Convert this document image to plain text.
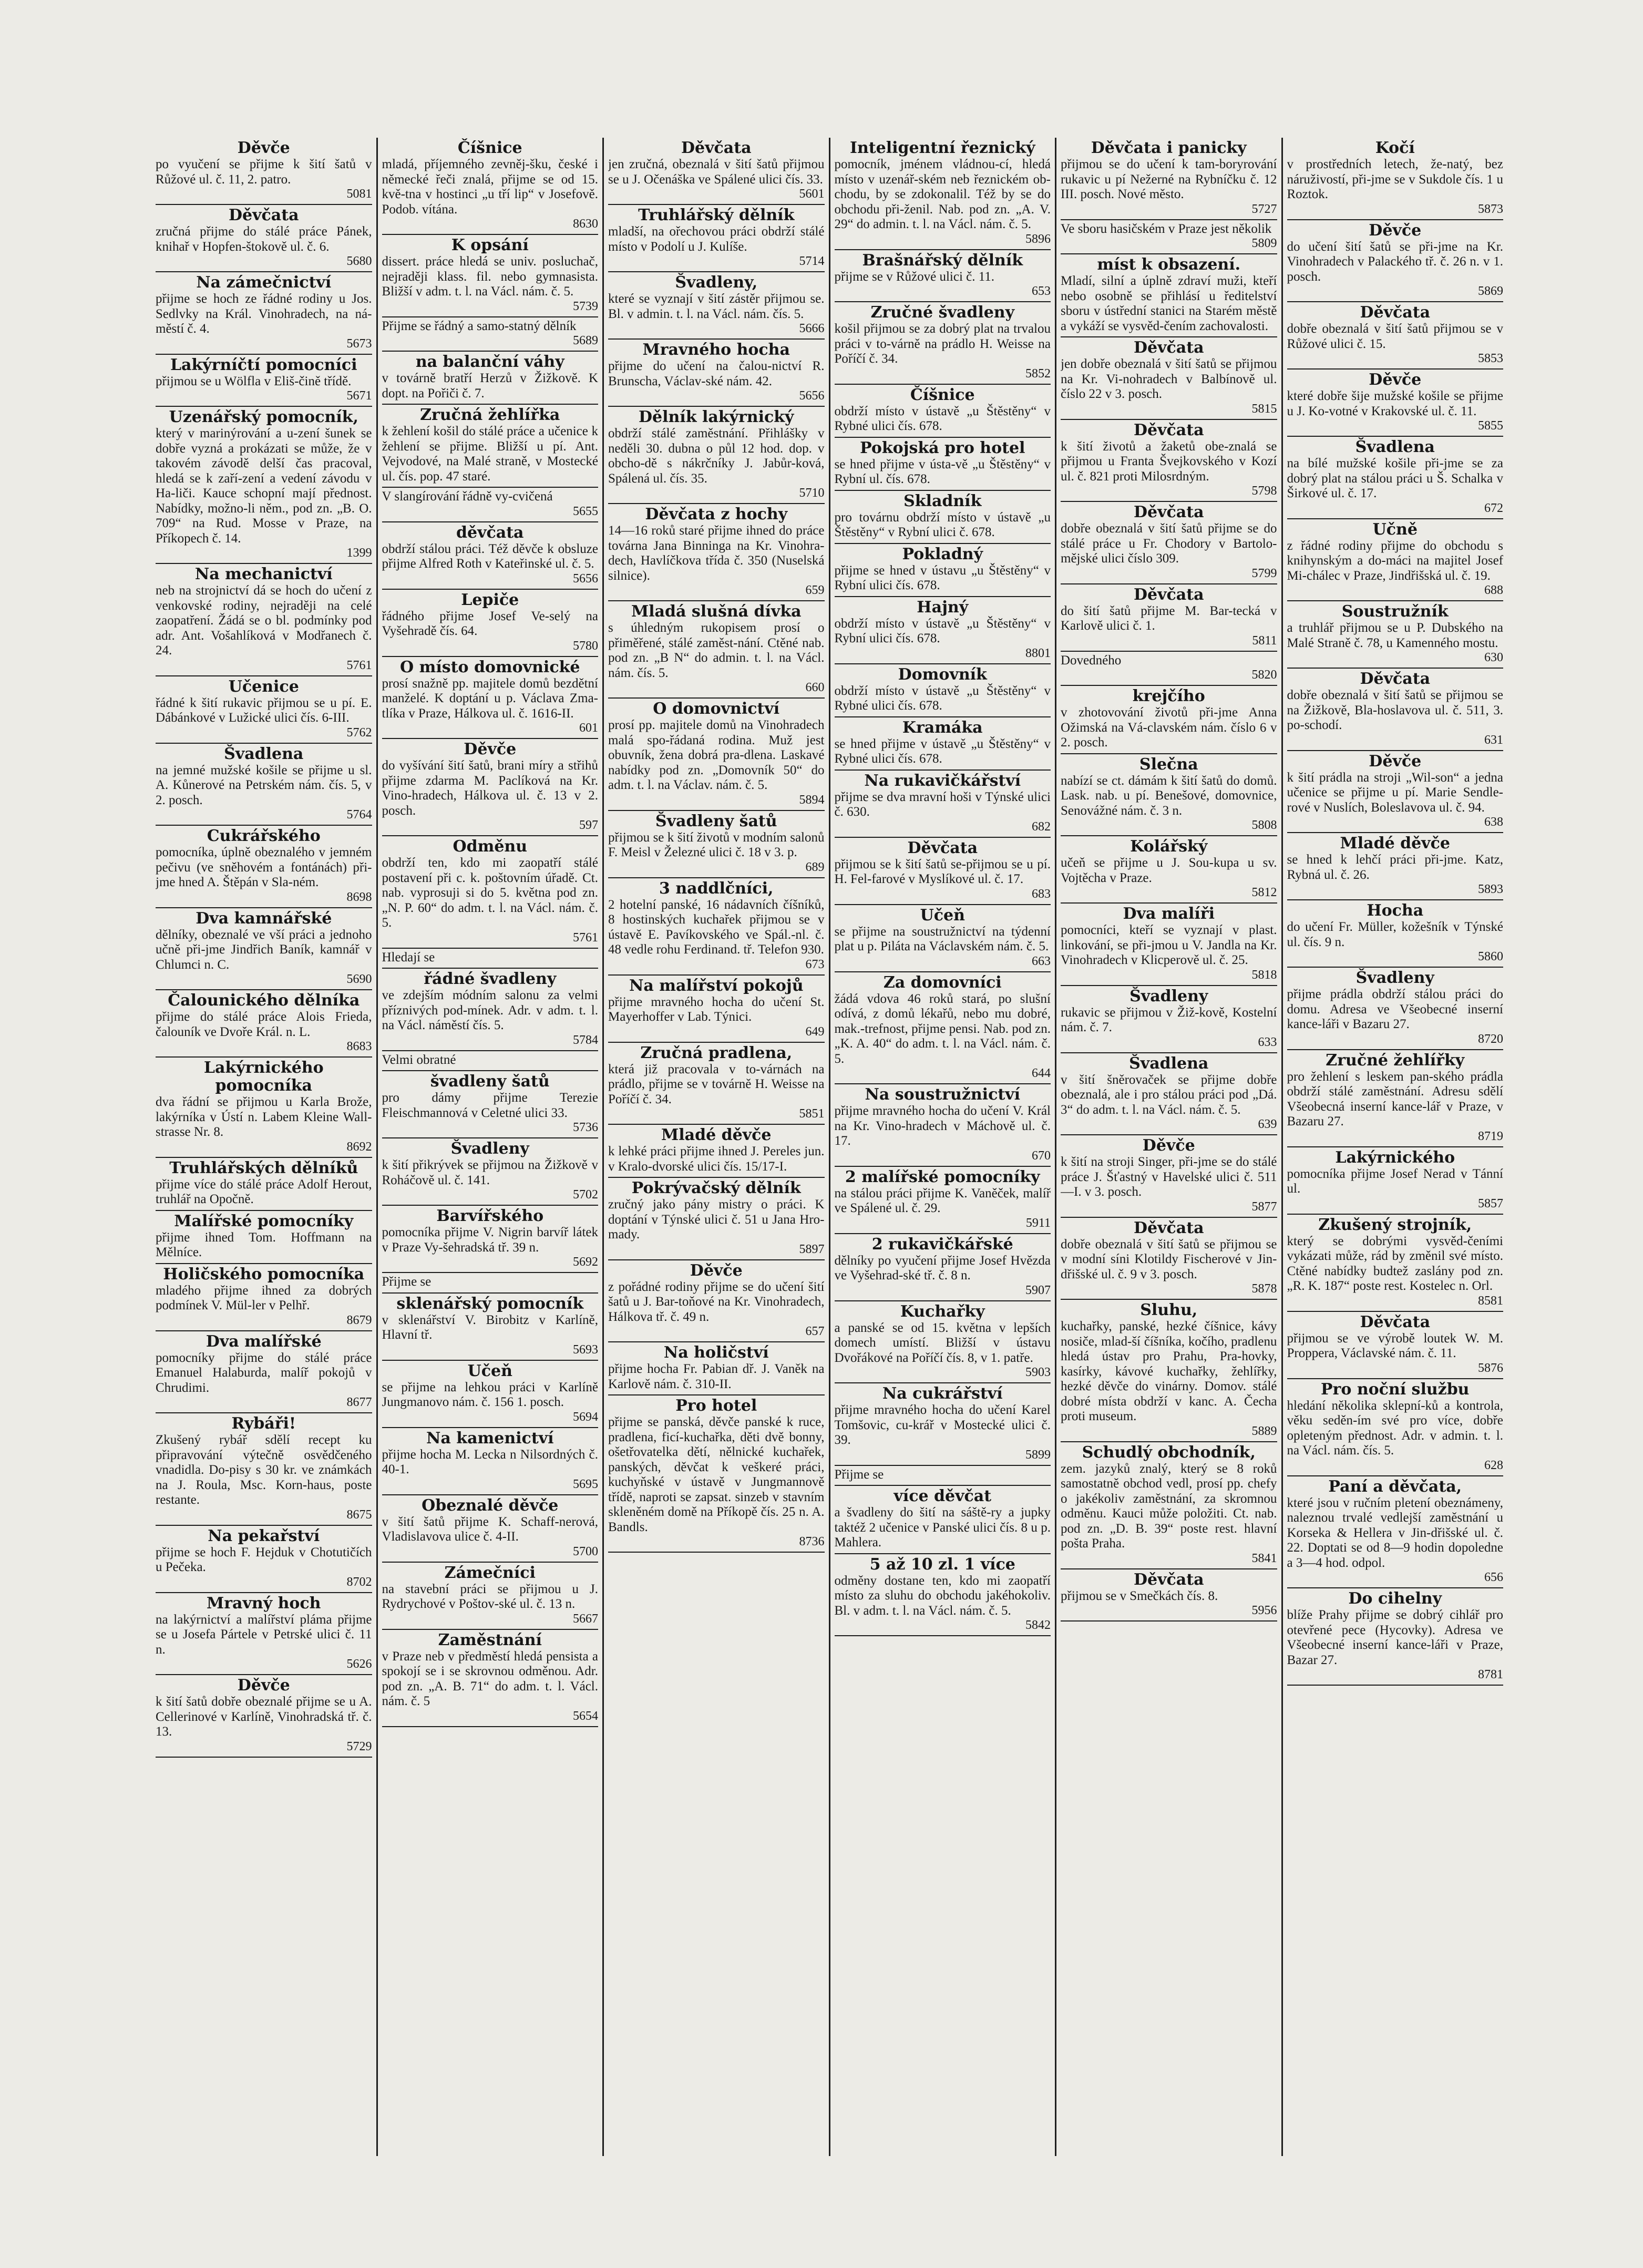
Děvče

po vyučení se přijme k šití šatů v Růžové ul. č. 11, 2. patro.

5081
Děvčata

zručná přijme do stálé práce Pánek, knihař v Hopfen-štokově ul. č. 6.

5680
Na zámečnictví

přijme se hoch ze řádné rodiny u Jos. Sedlvky na Král. Vinohradech, na ná-městí č. 4.

5673
Lakýrníčtí pomocníci

přijmou se u Wölfla v Eliš-čině třídě.

5671
Uzenářský pomocník,

který v marinýrování a u-zení šunek se dobře vyzná a prokázati se může, že v takovém závodě delší čas pracoval, hledá se k zaří-zení a vedení závodu v Ha-liči. Kauce schopní mají přednost. Nabídky, možno-li něm., pod zn. „B. O. 709“ na Rud. Mosse v Praze, na Příkopech č. 14.

1399
Na mechanictví

neb na strojnictví dá se hoch do učení z venkovské rodiny, nejraději na celé zaopatření. Žádá se o bl. podmínky pod adr. Ant. Vošahlíková v Modřanech č. 24.

5761
Učenice

řádné k šití rukavic přijmou se u pí. E. Dábánkové v Lužické ulici čís. 6-III.

5762
Švadlena

na jemné mužské košile se přijme u sl. A. Kůnerové na Petrském nám. čís. 5, v 2. posch.

5764
Cukrářského

pomocníka, úplně obeznalého v jemném pečivu (ve sněhovém a fontánách) při-jme hned A. Štěpán v Sla-ném.

8698
Dva kamnářské

dělníky, obeznalé ve vší práci a jednoho učně při-jme Jindřich Baník, kamnář v Chlumci n. C.

5690
Čalounického dělníka

přijme do stálé práce Alois Frieda, čalouník ve Dvoře Král. n. L.

8683
Lakýrnického pomocníka

dva řádní se přijmou u Karla Brože, lakýrníka v Ústí n. Labem Kleine Wall-strasse Nr. 8.

8692
Truhlářských dělníků

přijme více do stálé práce Adolf Herout, truhlář na Opočně.

Malířské pomocníky

přijme ihned Tom. Hoffmann na Mělníce.

Holičského pomocníka

mladého přijme ihned za dobrých podmínek V. Mül-ler v Pelhř.

8679
Dva malířské

pomocníky přijme do stálé práce Emanuel Halaburda, malíř pokojů v Chrudimi.

8677
Rybáři!

Zkušený rybář sdělí recept ku připravování výtečně osvědčeného vnadidla. Do-pisy s 30 kr. ve známkách na J. Roula, Msc. Korn-haus, poste restante.

8675
Na pekařství

přijme se hoch F. Hejduk v Chotutičích u Pečeka.

8702
Mravný hoch

na lakýrnictví a malířství pláma přijme se u Josefa Pártele v Petrské ulici č. 11 n.

5626
Děvče

k šití šatů dobře obeznalé přijme se u A. Cellerinové v Karlíně, Vinohradská tř. č. 13.

5729
Číšnice

mladá, příjemného zevněj-šku, české i německé řeči znalá, přijme se od 15. kvě-tna v hostinci „u tří lip“ v Josefově. Podob. vítána.

8630
K opsání

dissert. práce hledá se univ. posluchač, nejraději klass. fil. nebo gymnasista. Bližší v adm. t. l. na Václ. nám. č. 5.

5739

Přijme se řádný a samo-statný dělník

5689
na balanční váhy

v továrně bratří Herzů v Žižkově. K dopt. na Pořiči č. 7.

Zručná žehlířka

k žehlení košil do stálé práce a učenice k žehlení se přijme. Bližší u pí. Ant. Vejvodové, na Malé straně, v Mostecké ul. čís. pop. 47 staré.

V slangírování řádně vy-cvičená

5655
děvčata

obdrží stálou práci. Též děvče k obsluze přijme Alfred Roth v Kateřinské ul. č. 5.

5656
Lepiče

řádného přijme Josef Ve-selý na Vyšehradě čís. 64.

5780
O místo domovnické

prosí snažně pp. majitele domů bezdětní manželé. K doptání u p. Václava Zma-tlíka v Praze, Hálkova ul. č. 1616-II.

601
Děvče

do vyšívání šití šatů, brani míry a střihů přijme zdarma M. Paclíková na Kr. Vino-hradech, Hálkova ul. č. 13 v 2. posch.

597
Odměnu

obdrží ten, kdo mi zaopatří stálé postavení při c. k. poštovním úřadě. Ct. nab. vyprosuji si do 5. května pod zn. „N. P. 60“ do adm. t. l. na Václ. nám. č. 5.

5761

Hledají se

řádné švadleny

ve zdejším módním salonu za velmi příznivých pod-mínek. Adr. v adm. t. l. na Václ. náměstí čís. 5.

5784

Velmi obratné

švadleny šatů

pro dámy přijme Terezie Fleischmannová v Celetné ulici 33.

5736
Švadleny

k šití přikrývek se přijmou na Žižkově v Roháčově ul. č. 141.

5702
Barvířského

pomocníka přijme V. Nigrin barvíř látek v Praze Vy-šehradská tř. 39 n.

5692

Přijme se

sklenářský pomocník

v sklenářství V. Birobitz v Karlíně, Hlavní tř.

5693
Učeň

se přijme na lehkou práci v Karlíně Jungmanovo nám. č. 156 1. posch.

5694
Na kamenictví

přijme hocha M. Lecka n Nilsordných č. 40-1.

5695
Obeznalé děvče

v šití šatů přijme K. Schaff-nerová, Vladislavova ulice č. 4-II.

5700
Zámečníci

na stavební práci se přijmou u J. Rydrychové v Poštov-ské ul. č. 13 n.

5667
Zaměstnání

v Praze neb v předměstí hledá pensista a spokojí se i se skrovnou odměnou. Adr. pod zn. „A. B. 71“ do adm. t. l. Václ. nám. č. 5

5654
Děvčata

jen zručná, obeznalá v šití šatů přijmou se u J. Očenáška ve Spálené ulici čís. 33.

5601
Truhlářský dělník

mladší, na ořechovou práci obdrží stálé místo v Podolí u J. Kulíše.

5714
Švadleny,

které se vyznají v šití zástěr přijmou se. Bl. v admin. t. l. na Václ. nám. čís. 5.

5666
Mravného hocha

přijme do učení na čalou-nictví R. Brunscha, Václav-ské nám. 42.

5656
Dělník lakýrnický

obdrží stálé zaměstnání. Přihlášky v neděli 30. dubna o půl 12 hod. dop. v obcho-dě s nákrčníky J. Jabůr-ková, Spálená ul. čís. 35.

5710
Děvčata z hochy

14—16 roků staré přijme ihned do práce továrna Jana Binninga na Kr. Vinohra-dech, Havlíčkova třída č. 350 (Nuselská silnice).

659
Mladá slušná dívka

s úhledným rukopisem prosí o přiměřené, stálé zaměst-nání. Ctěné nab. pod zn. „B N“ do admin. t. l. na Václ. nám. čís. 5.

660
O domovnictví

prosí pp. majitele domů na Vinohradech malá spo-řádaná rodina. Muž jest obuvník, žena dobrá pra-dlena. Laskavé nabídky pod zn. „Domovník 50“ do adm. t. l. na Václav. nám. č. 5.

5894
Švadleny šatů

přijmou se k šití životů v modním salonů F. Meisl v Železné ulici č. 18 v 3. p.

689
3 naddlčníci,

2 hotelní panské, 16 nádavních číšníků, 8 hostinských kuchařek přijmou se v ústavě E. Pavíkovského ve Spál.-nl. č. 48 vedle rohu Ferdinand. tř. Telefon 930.

673
Na malířství pokojů

přijme mravného hocha do učení St. Mayerhoffer v Lab. Týnici.

649
Zručná pradlena,

která již pracovala v to-várnách na prádlo, přijme se v továrně H. Weisse na Poříčí č. 34.

5851
Mladé děvče

k lehké práci přijme ihned J. Pereles jun. v Kralo-dvorské ulici čís. 15/17-I.

Pokrývačský dělník

zručný jako pány mistry o práci. K doptání v Týnské ulici č. 51 u Jana Hro-mady.

5897
Děvče

z pořádné rodiny přijme se do učení šití šatů u J. Bar-toňové na Kr. Vinohradech, Hálkova tř. č. 49 n.

657
Na holičství

přijme hocha Fr. Pabian dř. J. Vaněk na Karlově nám. č. 310-II.

Pro hotel

přijme se panská, děvče panské k ruce, pradlena, ficí-kuchařka, děti dvě bonny, ošetřovatelka dětí, nělnické kuchařek, panských, děvčat k veškeré práci, kuchyňské v ústavě v Jungmannově třídě, naproti se zapsat. sinzeb v stavním skleněném domě na Příkopě čís. 25 n. A. Bandls.

8736
Inteligentní řeznický

pomocník, jménem vládnou-cí, hledá místo v uzenář-ském neb řeznickém ob-chodu, by se zdokonalil. Též by se do obchodu při-ženil. Nab. pod zn. „A. V. 29“ do admin. t. l. na Václ. nám. č. 5.

5896
Brašnářský dělník

přijme se v Růžové ulici č. 11.

653
Zručné švadleny

košil přijmou se za dobrý plat na trvalou práci v to-várně na prádlo H. Weisse na Poříčí č. 34.

5852
Číšnice

obdrží místo v ústavě „u Štěstěny“ v Rybné ulici čís. 678.

Pokojská pro hotel

se hned přijme v ústa-vě „u Štěstěny“ v Rybní ul. čís. 678.

Skladník

pro továrnu obdrží místo v ústavě „u Štěstěny“ v Rybní ulici č. 678.

Pokladný

přijme se hned v ústavu „u Štěstěny“ v Rybní ulici čís. 678.

Hajný

obdrží místo v ústavě „u Štěstěny“ v Rybní ulici čís. 678.

8801
Domovník

obdrží místo v ústavě „u Štěstěny“ v Rybné ulici čís. 678.

Kramáka

se hned přijme v ústavě „u Štěstěny“ v Rybné ulici čís. 678.

Na rukavičkářství

přijme se dva mravní hoši v Týnské ulici č. 630.

682
Děvčata

přijmou se k šití šatů se-přijmou se u pí. H. Fel-farové v Myslíkové ul. č. 17.

683
Učeň

se přijme na soustružnictví na týdenní plat u p. Piláta na Václavském nám. č. 5.

663
Za domovníci

žádá vdova 46 roků stará, po slušní odívá, z domů lékařů, nebo mu dobré, mak.-trefnost, přijme pensi. Nab. pod zn. „K. A. 40“ do adm. t. l. na Václ. nám. č. 5.

644
Na soustružnictví

přijme mravného hocha do učení V. Král na Kr. Vino-hradech v Máchově ul. č. 17.

670
2 malířské pomocníky

na stálou práci přijme K. Vaněček, malíř ve Spálené ul. č. 29.

5911
2 rukavičkářské

dělníky po vyučení přijme Josef Hvězda ve Vyšehrad-ské tř. č. 8 n.

5907
Kuchařky

a panské se od 15. května v lepších domech umístí. Bližší v ústavu Dvořákové na Poříčí čís. 8, v 1. patře.

5903
Na cukrářství

přijme mravného hocha do učení Karel Tomšovic, cu-krář v Mostecké ulici č. 39.

5899

Přijme se

více děvčat

a švadleny do šití na sáště-ry a jupky taktéž 2 učenice v Panské ulici čís. 8 u p. Mahlera.

5 až 10 zl. 1 více

odměny dostane ten, kdo mi zaopatří místo za sluhu do obchodu jakéhokoliv. Bl. v adm. t. l. na Václ. nám. č. 5.

5842
Děvčata i panicky

přijmou se do učení k tam-boryrování rukavic u pí Nežerné na Rybníčku č. 12 III. posch. Nové město.

5727

Ve sboru hasičském v Praze jest několik

5809
míst k obsazení.

Mladí, silní a úplně zdraví muži, kteří nebo osobně se přihlásí u ředitelství sboru v ústřední stanici na Starém městě a vykáží se vysvěd-čením zachovalosti.

Děvčata

jen dobře obeznalá v šití šatů se přijmou na Kr. Vi-nohradech v Balbínově ul. číslo 22 v 3. posch.

5815
Děvčata

k šití životů a žaketů obe-znalá se přijmou u Franta Švejkovského v Kozí ul. č. 821 proti Milosrdným.

5798
Děvčata

dobře obeznalá v šití šatů přijme se do stálé práce u Fr. Chodory v Bartolo-mějské ulici číslo 309.

5799
Děvčata

do šití šatů přijme M. Bar-tecká v Karlově ulici č. 1.

5811

Dovedného

5820
krejčího

v zhotovování životů při-jme Anna Ožimská na Vá-clavském nám. číslo 6 v 2. posch.

Slečna

nabízí se ct. dámám k šití šatů do domů. Lask. nab. u pí. Benešové, domovnice, Senovážné nám. č. 3 n.

5808
Kolářský

učeň se přijme u J. Sou-kupa u sv. Vojtěcha v Praze.

5812
Dva malíři

pomocníci, kteří se vyznají v plast. linkování, se při-jmou u V. Jandla na Kr. Vinohradech v Klicperově ul. č. 25.

5818
Švadleny

rukavic se přijmou v Žiž-kově, Kostelní nám. č. 7.

633
Švadlena

v šití šněrovaček se přijme dobře obeznalá, ale i pro stálou práci pod „Dá. 3“ do adm. t. l. na Václ. nám. č. 5.

639
Děvče

k šití na stroji Singer, při-jme se do stálé práce J. Šťastný v Havelské ulici č. 511—I. v 3. posch.

5877
Děvčata

dobře obeznalá v šití šatů se přijmou se v modní síni Klotildy Fischerové v Jin-dřišské ul. č. 9 v 3. posch.

5878
Sluhu,

kuchařky, panské, hezké číšnice, kávy nosiče, mlad-ší číšníka, kočího, pradlenu hledá ústav pro Prahu, Pra-hovky, kasírky, kávové kuchařky, žehlířky, hezké děvče do vinárny. Domov. stálé dobré místa obdrží v kanc. A. Čecha proti museum.

5889
Schudlý obchodník,

zem. jazyků znalý, který se 8 roků samostatně obchod vedl, prosí pp. chefy o jakékoliv zaměstnání, za skromnou odměnu. Kauci může položiti. Ct. nab. pod zn. „D. B. 39“ poste rest. hlavní pošta Praha.

5841
Děvčata

přijmou se v Smečkách čís. 8.

5956
Kočí

v prostředních letech, že-natý, bez náruživostí, při-jme se v Sukdole čís. 1 u Roztok.

5873
Děvče

do učení šití šatů se při-jme na Kr. Vinohradech v Palackého tř. č. 26 n. v 1. posch.

5869
Děvčata

dobře obeznalá v šití šatů přijmou se v Růžové ulici č. 15.

5853
Děvče

které dobře šije mužské košile se přijme u J. Ko-votné v Krakovské ul. č. 11.

5855
Švadlena

na bílé mužské košile při-jme se za dobrý plat na stálou práci u Š. Schalka v Širkové ul. č. 17.

672
Učně

z řádné rodiny přijme do obchodu s knihynským a do-máci na majitel Josef Mi-chálec v Praze, Jindřišská ul. č. 19.

688
Soustružník

a truhlář přijmou se u P. Dubského na Malé Straně č. 78, u Kamenného mostu.

630
Děvčata

dobře obeznalá v šití šatů se přijmou se na Žižkově, Bla-hoslavova ul. č. 511, 3. po-schodí.

631
Děvče

k šití prádla na stroji „Wil-son“ a jedna učenice se přijme u pí. Marie Sendle-rové v Nuslích, Boleslavova ul. č. 94.

638
Mladé děvče

se hned k lehčí práci při-jme. Katz, Rybná ul. č. 26.

5893
Hocha

do učení Fr. Müller, kožešník v Týnské ul. čís. 9 n.

5860
Švadleny

přijme prádla obdrží stálou práci do domu. Adresa ve Všeobecné inserní kance-láři v Bazaru 27.

8720
Zručné žehlířky

pro žehlení s leskem pan-ského prádla obdrží stálé zaměstnání. Adresu sdělí Všeobecná inserní kance-lář v Praze, v Bazaru 27.

8719
Lakýrnického

pomocníka přijme Josef Nerad v Tánní ul.

5857
Zkušený strojník,

který se dobrými vysvěd-čeními vykázati může, rád by změnil své místo. Ctěné nabídky budtež zaslány pod zn. „R. K. 187“ poste rest. Kostelec n. Orl.

8581
Děvčata

přijmou se ve výrobě loutek W. M. Proppera, Václavské nám. č. 11.

5876
Pro noční službu

hledání několika sklepní-ků a kontrola, věku seděn-ím své pro více, dobře opleteným přednost. Adr. v admin. t. l. na Václ. nám. čís. 5.

628
Paní a děvčata,

které jsou v ručním pletení obeznámeny, naleznou trvalé vedlejší zaměstnání u Korseka & Hellera v Jin-dřišské ul. č. 22. Doptati se od 8—9 hodin dopoledne a 3—4 hod. odpol.

656
Do cihelny

blíže Prahy přijme se dobrý cihlář pro otevřené pece (Hycovky). Adresa ve Všeobecné inserní kance-láři v Praze, Bazar 27.

8781
